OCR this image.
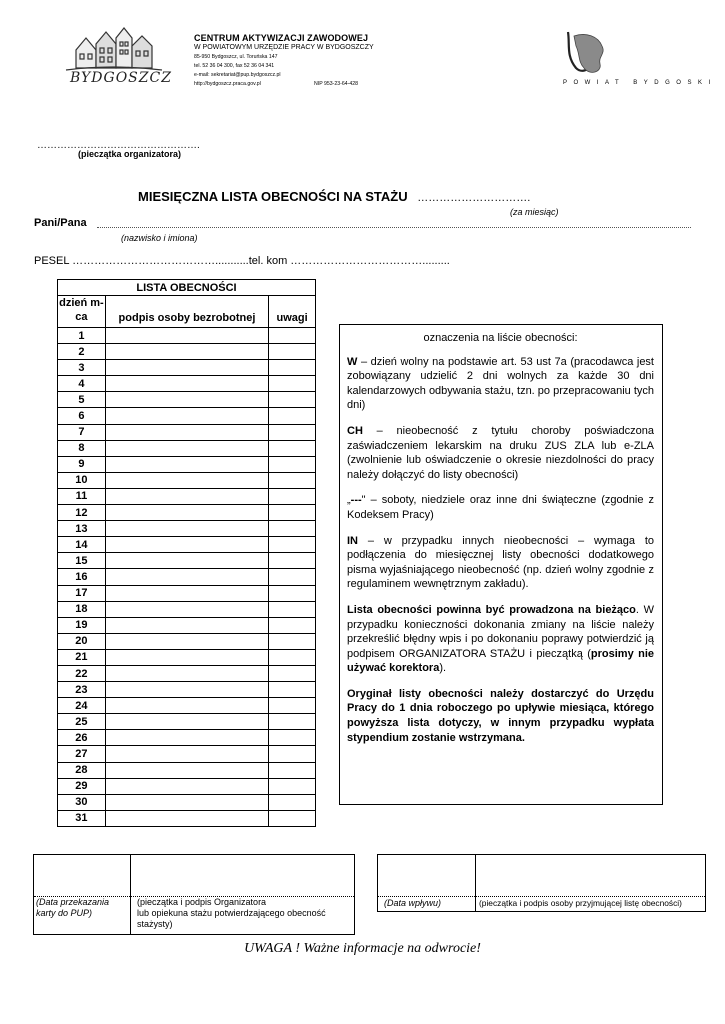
BYDGOSZCZ
CENTRUM AKTYWIZACJI ZAWODOWEJ
W POWIATOWYM URZĘDZIE PRACY W BYDGOSZCZY
85-950 Bydgoszcz, ul. Toruńska 147
tel. 52 36 04 300, fax 52 36 04 341
e-mail: sekretariat@pup.bydgoszcz.pl
http://bydgoszcz.praca.gov.pl	NIP 953-23-64-428	POWIAT BYDGOSKI
………………………………………….
(pieczątka organizatora)
MIESIĘCZNA LISTA OBECNOŚCI NA STAŻU ………………………….
(za miesiąc)
Pani/Pana
(nazwisko i imiona)
PESEL …………………………………...........tel. kom ……………………………….........
LISTA OBECNOŚCI		
dzień m-ca	podpis osoby bezrobotnej	uwagi
1		
2		
3		
4		
5		
6		
7		
8		
9		
10		
11		
12		
13		
14		
15		
16		
17		
18		
19		
20		
21		
22		
23		
24		
25		
26		
27		
28		
29		
30		
31		
oznaczenia na liście obecności:

W – dzień wolny na podstawie art. 53 ust 7a (pracodawca jest zobowiązany udzielić 2 dni wolnych za każde 30 dni kalendarzowych odbywania stażu, tzn. po przepracowaniu tych dni)

CH – nieobecność z tytułu choroby poświadczona zaświadczeniem lekarskim na druku ZUS ZLA lub e-ZLA (zwolnienie lub oświadczenie o okresie niezdolności do pracy należy dołączyć do listy obecności)

„---" – soboty, niedziele oraz inne dni świąteczne (zgodnie z Kodeksem Pracy)

IN – w przypadku innych nieobecności – wymaga to podłączenia do miesięcznej listy obecności dodatkowego pisma wyjaśniającego nieobecność (np. dzień wolny zgodnie z regulaminem wewnętrznym zakładu).

Lista obecności powinna być prowadzona na bieżąco. W przypadku konieczności dokonania zmiany na liście należy przekreślić błędny wpis i po dokonaniu poprawy potwierdzić ją podpisem ORGANIZATORA STAŻU i pieczątką (prosimy nie używać korektora).

Oryginał listy obecności należy dostarczyć do Urzędu Pracy do 1 dnia roboczego po upływie miesiąca, którego powyższa lista dotyczy, w innym przypadku wypłata stypendium zostanie wstrzymana.

(Data przekazania
karty do PUP)
(pieczątka i podpis Organizatora
lub opiekuna stażu potwierdzającego obecność
stażysty)
(Data wpływu)	(pieczątka i podpis osoby przyjmującej listę obecności)
UWAGA ! Ważne informacje na odwrocie!
